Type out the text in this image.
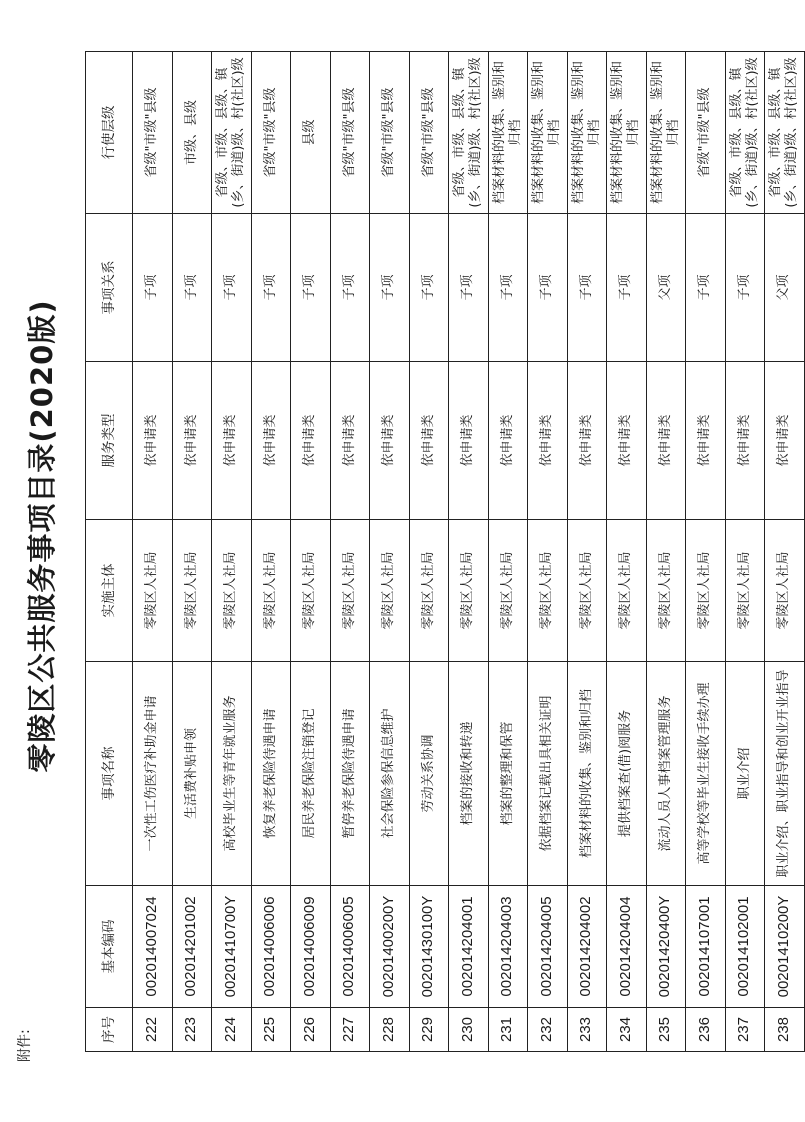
附件:
零陵区公共服务事项目录(2020版)
序号	基本编码	事项名称	实施主体	服务类型	事项关系	行使层级
222	002014007024	一次性工伤医疗补助金申请	零陵区人社局	依申请类	子项	省级"市级"县级
223	002014201002	生活费补贴申领	零陵区人社局	依申请类	子项	市级、县级
224	00201410700Y	高校毕业生等青年就业服务	零陵区人社局	依申请类	子项	省级、市级、县级、镇(乡、街道)级、村(社区)级
225	002014006006	恢复养老保险待遇申请	零陵区人社局	依申请类	子项	省级"市级"县级
226	002014006009	居民养老保险注销登记	零陵区人社局	依申请类	子项	县级
227	002014006005	暂停养老保险待遇申请	零陵区人社局	依申请类	子项	省级"市级"县级
228	00201400200Y	社会保险参保信息维护	零陵区人社局	依申请类	子项	省级"市级"县级
229	00201430100Y	劳动关系协调	零陵区人社局	依申请类	子项	省级"市级"县级
230	002014204001	档案的接收和转递	零陵区人社局	依申请类	子项	省级、市级、县级、镇(乡、街道)级、村(社区)级
231	002014204003	档案的整理和保管	零陵区人社局	依申请类	子项	档案材料的收集、鉴别和归档
232	002014204005	依据档案记载出具相关证明	零陵区人社局	依申请类	子项	档案材料的收集、鉴别和归档
233	002014204002	档案材料的收集、鉴别和归档	零陵区人社局	依申请类	子项	档案材料的收集、鉴别和归档
234	002014204004	提供档案查(借)阅服务	零陵区人社局	依申请类	子项	档案材料的收集、鉴别和归档
235	00201420400Y	流动人员人事档案管理服务	零陵区人社局	依申请类	父项	档案材料的收集、鉴别和归档
236	002014107001	高等学校等毕业生接收手续办理	零陵区人社局	依申请类	子项	省级"市级"县级
237	002014102001	职业介绍	零陵区人社局	依申请类	子项	省级、市级、县级、镇(乡、街道)级、村(社区)级
238	00201410200Y	职业介绍、职业指导和创业开业指导	零陵区人社局	依申请类	父项	省级、市级、县级、镇(乡、街道)级、村(社区)级
